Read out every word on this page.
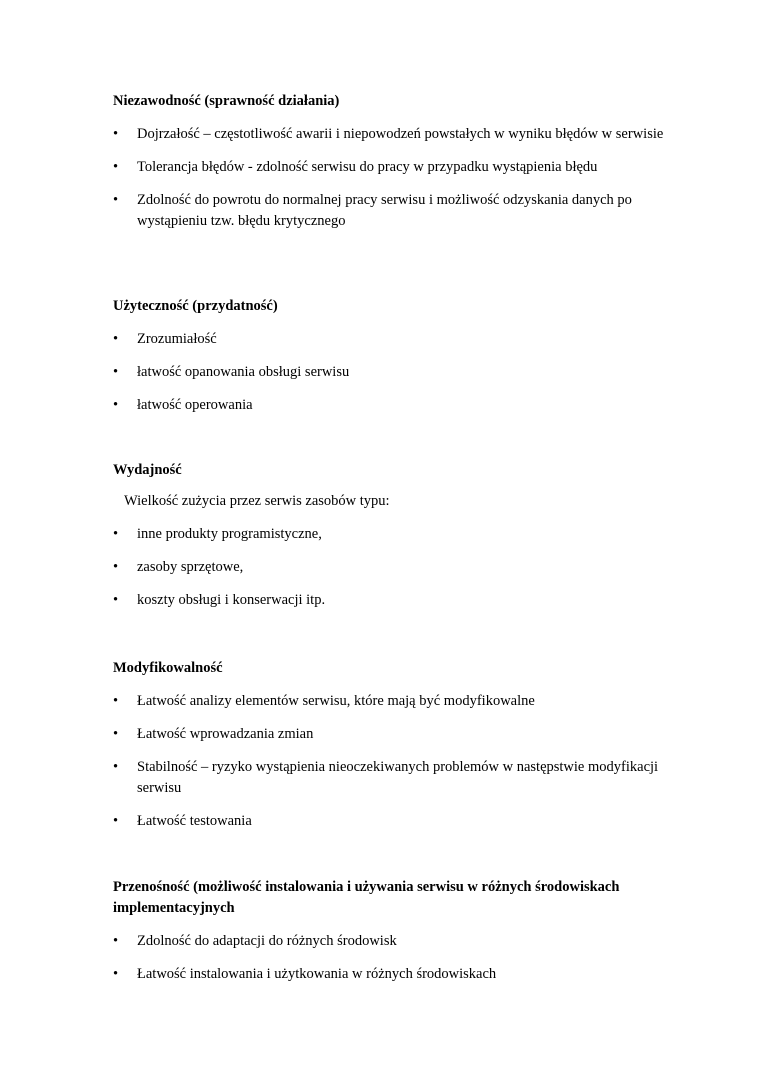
Niezawodność (sprawność działania)

•	Dojrzałość – częstotliwość awarii i niepowodzeń powstałych w wyniku błędów w serwisie
•	Tolerancja błędów - zdolność serwisu do pracy w przypadku wystąpienia błędu
•	Zdolność do powrotu do normalnej pracy serwisu i możliwość odzyskania danych po wystąpieniu tzw. błędu krytycznego

Użyteczność (przydatność)

•	Zrozumiałość
•	łatwość opanowania obsługi serwisu
•	łatwość operowania

Wydajność

Wielkość zużycia przez serwis zasobów typu:

•	inne produkty programistyczne,
•	zasoby sprzętowe,
•	koszty obsługi i konserwacji itp.

Modyfikowalność

•	Łatwość analizy elementów serwisu, które mają być modyfikowalne
•	Łatwość wprowadzania zmian
•	Stabilność – ryzyko wystąpienia nieoczekiwanych problemów w następstwie modyfikacji serwisu
•	Łatwość testowania

Przenośność (możliwość instalowania i używania serwisu w różnych środowiskach implementacyjnych

•	Zdolność do adaptacji do różnych środowisk
•	Łatwość instalowania i użytkowania w różnych środowiskach
